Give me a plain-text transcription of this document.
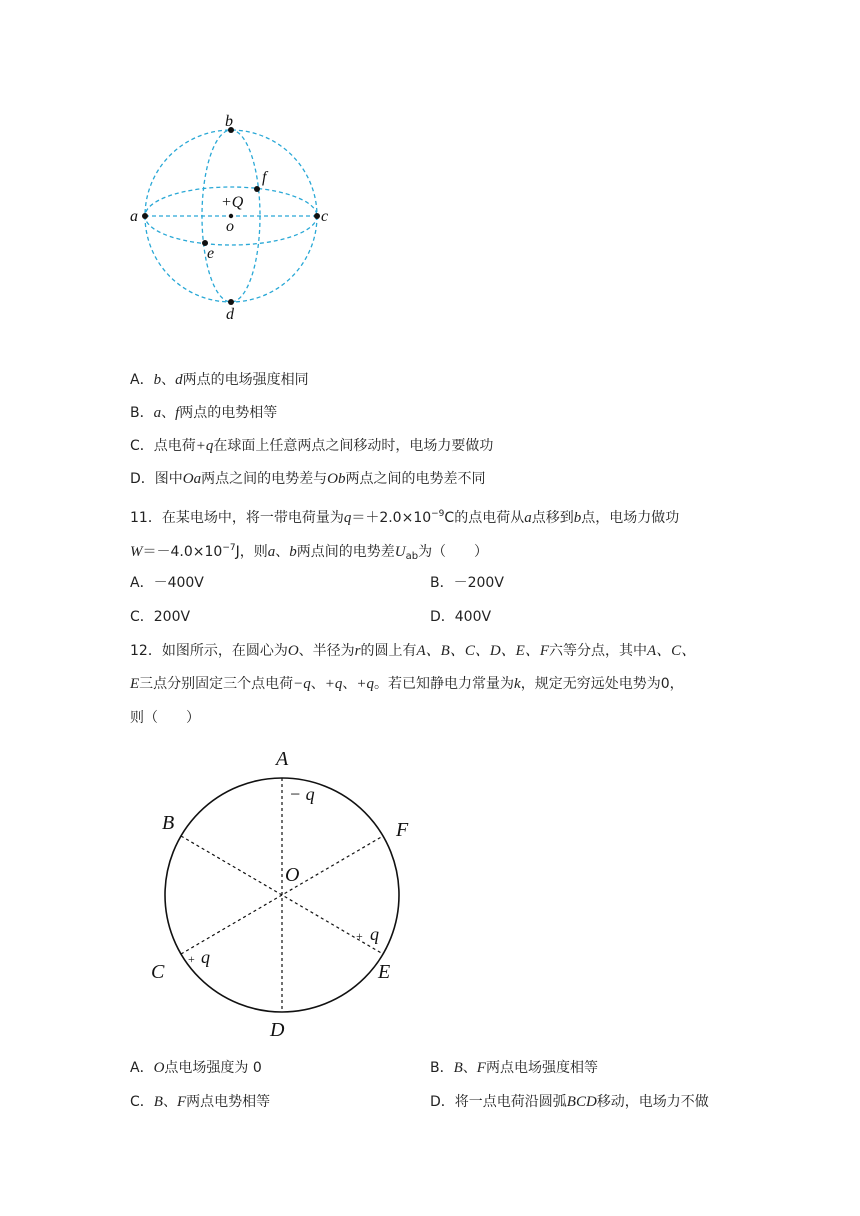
b
f
+Q
o
a	c
e
d
A．b、d两点的电场强度相同
B．a、f两点的电势相等
C．点电荷+q在球面上任意两点之间移动时，电场力要做功
D．图中Oa两点之间的电势差与Ob两点之间的电势差不同
11．在某电场中，将一带电荷量为$q=+2.0\times 10^{-9}C$的点电荷从a点移到b点，电场力做功
$W=-4.0\times 10^{-7}J$，则a、b两点间的电势差$U_{ab}$为（　　）
A．－400V	B．－200V
C．200V	D．400V
12．如图所示，在圆心为O、半径为r的圆上有A、B、C、D、E、F六等分点，其中A、C、
E三点分别固定三个点电荷−q、+q、+q。若已知静电力常量为k，规定无穷远处电势为0，
则（　　）
A
B	F
O
C	E
D
− q
q
q
+
+
A．O点电场强度为 0	B．B、F两点电场强度相等
C．B、F两点电势相等	D．将一点电荷沿圆弧BCD移动，电场力不做
